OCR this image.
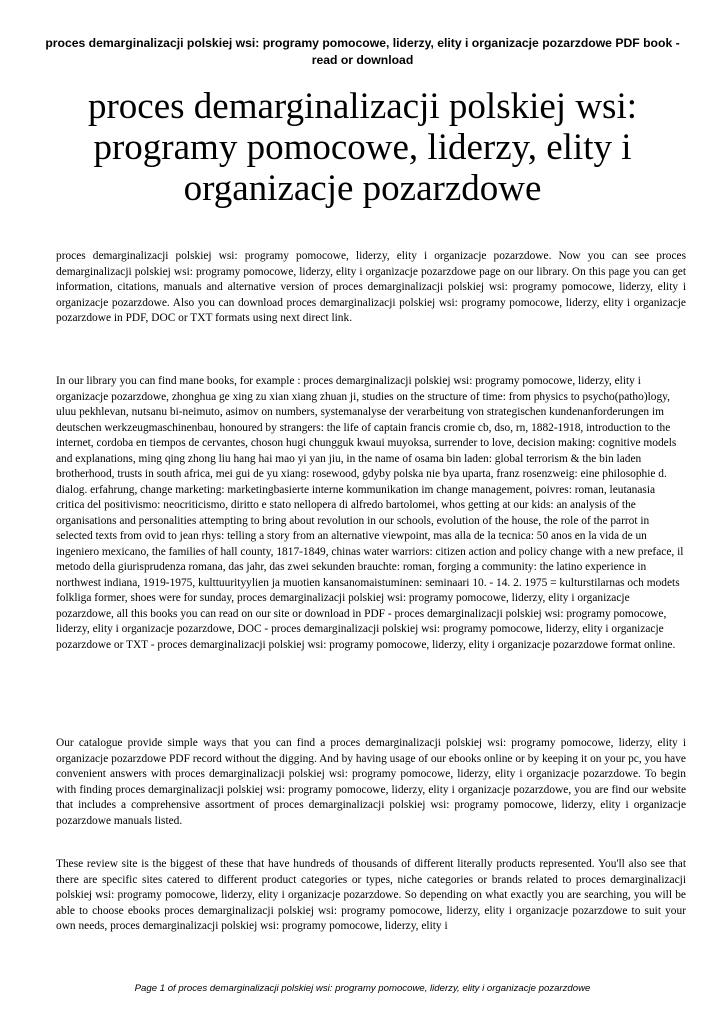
proces demarginalizacji polskiej wsi: programy pomocowe, liderzy, elity i organizacje pozarzdowe PDF book -
read or download
proces demarginalizacji polskiej wsi:
programy pomocowe, liderzy, elity i
organizacje pozarzdowe

proces demarginalizacji polskiej wsi: programy pomocowe, liderzy, elity i organizacje pozarzdowe. Now you can see proces demarginalizacji polskiej wsi: programy pomocowe, liderzy, elity i organizacje pozarzdowe page on our library. On this page you can get information, citations, manuals and alternative version of proces demarginalizacji polskiej wsi: programy pomocowe, liderzy, elity i organizacje pozarzdowe. Also you can download proces demarginalizacji polskiej wsi: programy pomocowe, liderzy, elity i organizacje pozarzdowe in PDF, DOC or TXT formats using next direct link.

In our library you can find mane books, for example : proces demarginalizacji polskiej wsi: programy pomocowe, liderzy, elity i organizacje pozarzdowe, zhonghua ge xing zu xian xiang zhuan ji, studies on the structure of time: from physics to psycho(patho)logy, uluu pekhlevan, nutsanu bi-neimuto, asimov on numbers, systemanalyse der verarbeitung von strategischen kundenanforderungen im deutschen werkzeugmaschinenbau, honoured by strangers: the life of captain francis cromie cb, dso, rn, 1882-1918, introduction to the internet, cordoba en tiempos de cervantes, choson hugi chungguk kwaui muyoksa, surrender to love, decision making: cognitive models and explanations, ming qing zhong liu hang hai mao yi yan jiu, in the name of osama bin laden: global terrorism & the bin laden brotherhood, trusts in south africa, mei gui de yu xiang: rosewood, gdyby polska nie bya uparta, franz rosenzweig: eine philosophie d. dialog. erfahrung, change marketing: marketingbasierte interne kommunikation im change management, poivres: roman, leutanasia critica del positivismo: neocriticismo, diritto e stato nellopera di alfredo bartolomei, whos getting at our kids: an analysis of the organisations and personalities attempting to bring about revolution in our schools, evolution of the house, the role of the parrot in selected texts from ovid to jean rhys: telling a story from an alternative viewpoint, mas alla de la tecnica: 50 anos en la vida de un ingeniero mexicano, the families of hall county, 1817-1849, chinas water warriors: citizen action and policy change with a new preface, il metodo della giurisprudenza romana, das jahr, das zwei sekunden brauchte: roman, forging a community: the latino experience in northwest indiana, 1919-1975, kulttuurityylien ja muotien kansanomaistuminen: seminaari 10. - 14. 2. 1975 = kulturstilarnas och modets folkliga former, shoes were for sunday, proces demarginalizacji polskiej wsi: programy pomocowe, liderzy, elity i organizacje pozarzdowe, all this books you can read on our site or download in PDF - proces demarginalizacji polskiej wsi: programy pomocowe, liderzy, elity i organizacje pozarzdowe, DOC - proces demarginalizacji polskiej wsi: programy pomocowe, liderzy, elity i organizacje pozarzdowe or TXT - proces demarginalizacji polskiej wsi: programy pomocowe, liderzy, elity i organizacje pozarzdowe format online.

Our catalogue provide simple ways that you can find a proces demarginalizacji polskiej wsi: programy pomocowe, liderzy, elity i organizacje pozarzdowe PDF record without the digging. And by having usage of our ebooks online or by keeping it on your pc, you have convenient answers with proces demarginalizacji polskiej wsi: programy pomocowe, liderzy, elity i organizacje pozarzdowe. To begin with finding proces demarginalizacji polskiej wsi: programy pomocowe, liderzy, elity i organizacje pozarzdowe, you are find our website that includes a comprehensive assortment of proces demarginalizacji polskiej wsi: programy pomocowe, liderzy, elity i organizacje pozarzdowe manuals listed.

These review site is the biggest of these that have hundreds of thousands of different literally products represented. You'll also see that there are specific sites catered to different product categories or types, niche categories or brands related to proces demarginalizacji polskiej wsi: programy pomocowe, liderzy, elity i organizacje pozarzdowe. So depending on what exactly you are searching, you will be able to choose ebooks proces demarginalizacji polskiej wsi: programy pomocowe, liderzy, elity i organizacje pozarzdowe to suit your own needs, proces demarginalizacji polskiej wsi: programy pomocowe, liderzy, elity i

Page 1 of proces demarginalizacji polskiej wsi: programy pomocowe, liderzy, elity i organizacje pozarzdowe
